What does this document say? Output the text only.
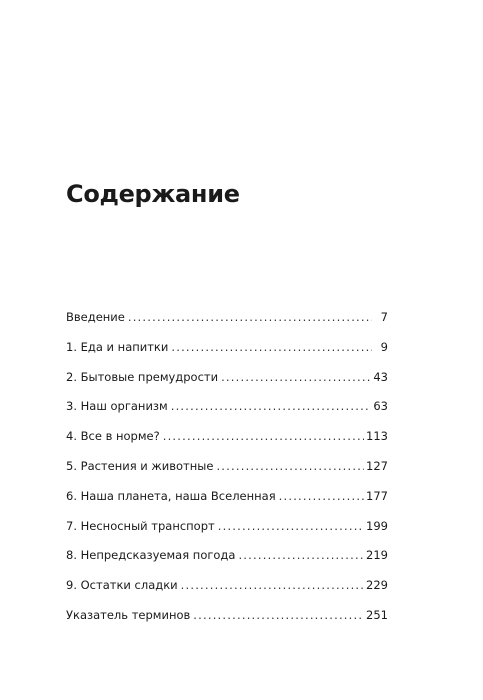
Содержание
Введение .....	7
1. Еда и напитки .....	9
2. Бытовые премудрости .....	43
3. Наш организм .....	63
4. Все в норме? .....	113
5. Растения и животные .....	127
6. Наша планета, наша Вселенная .....	177
7. Несносный транспорт .....	199
8. Непредсказуемая погода .....	219
9. Остатки сладки .....	229
Указатель терминов .....	251
